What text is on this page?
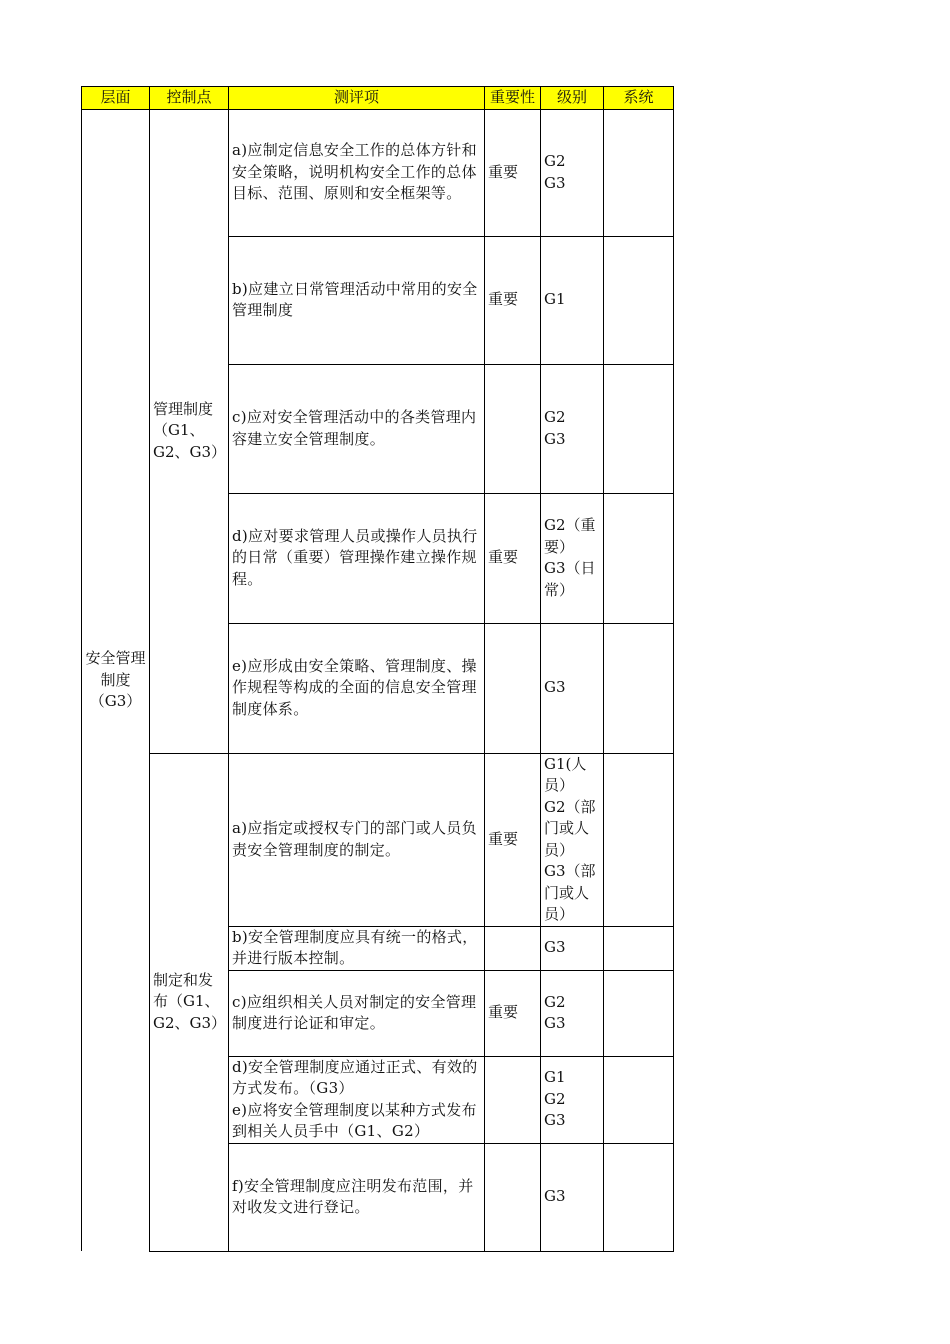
层面	控制点	测评项	重要性	级别	系统
安全管理制度（G3）	管理制度（G1、G2、G3）	a)应制定信息安全工作的总体方针和安全策略，说明机构安全工作的总体目标、范围、原则和安全框架等。	重要	G2
G3	
		b)应建立日常管理活动中常用的安全管理制度	重要	G1	
		c)应对安全管理活动中的各类管理内容建立安全管理制度。		G2
G3	
		d)应对要求管理人员或操作人员执行的日常（重要）管理操作建立操作规程。	重要	G2（重要）
G3（日常）	
		e)应形成由安全策略、管理制度、操作规程等构成的全面的信息安全管理制度体系。		G3	
	制定和发布（G1、G2、G3）	a)应指定或授权专门的部门或人员负责安全管理制度的制定。	重要	G1(人员）
G2（部门或人员）
G3（部门或人员）	
		b)安全管理制度应具有统一的格式，并进行版本控制。		G3	
		c)应组织相关人员对制定的安全管理制度进行论证和审定。	重要	G2
G3	
		d)安全管理制度应通过正式、有效的方式发布。（G3）
e)应将安全管理制度以某种方式发布到相关人员手中（G1、G2）		G1
G2
G3	
		f)安全管理制度应注明发布范围，并对收发文进行登记。		G3	
